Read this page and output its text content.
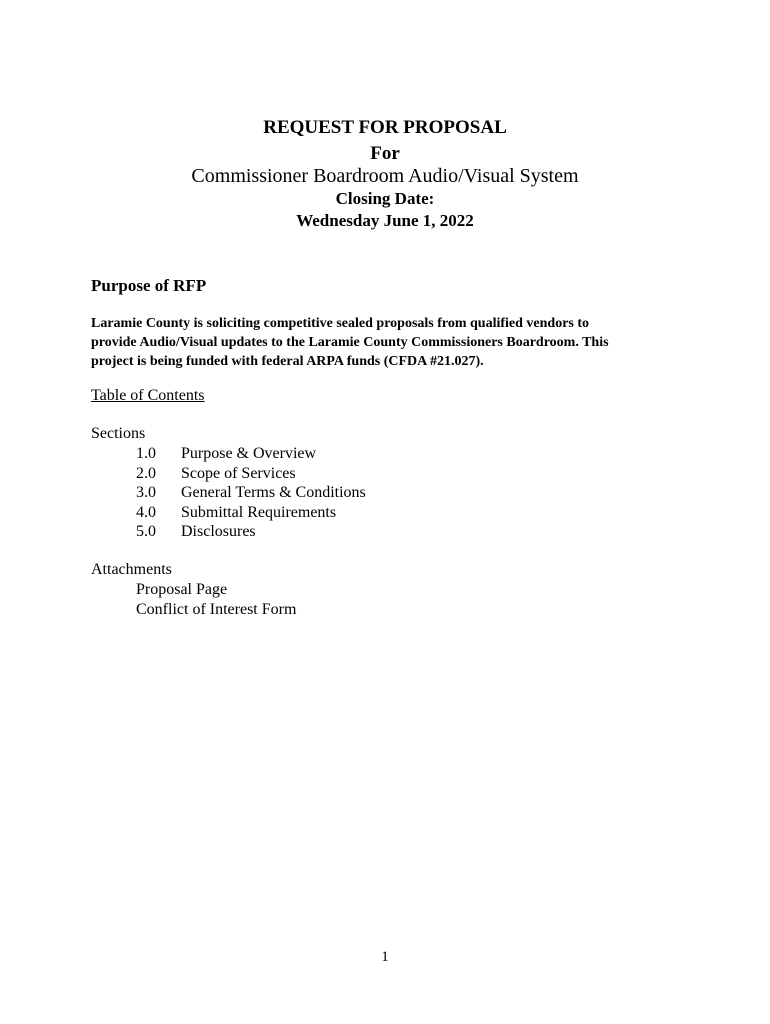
REQUEST FOR PROPOSAL
For
Commissioner Boardroom Audio/Visual System
Closing Date:
Wednesday June 1, 2022
Purpose of RFP
Laramie County is soliciting competitive sealed proposals from qualified vendors to
provide Audio/Visual updates to the Laramie County Commissioners Boardroom. This
project is being funded with federal ARPA funds (CFDA #21.027).
Table of Contents
Sections
1.0	Purpose & Overview
2.0	Scope of Services
3.0	General Terms & Conditions
4.0	Submittal Requirements
5.0	Disclosures
Attachments
Proposal Page
Conflict of Interest Form
1
